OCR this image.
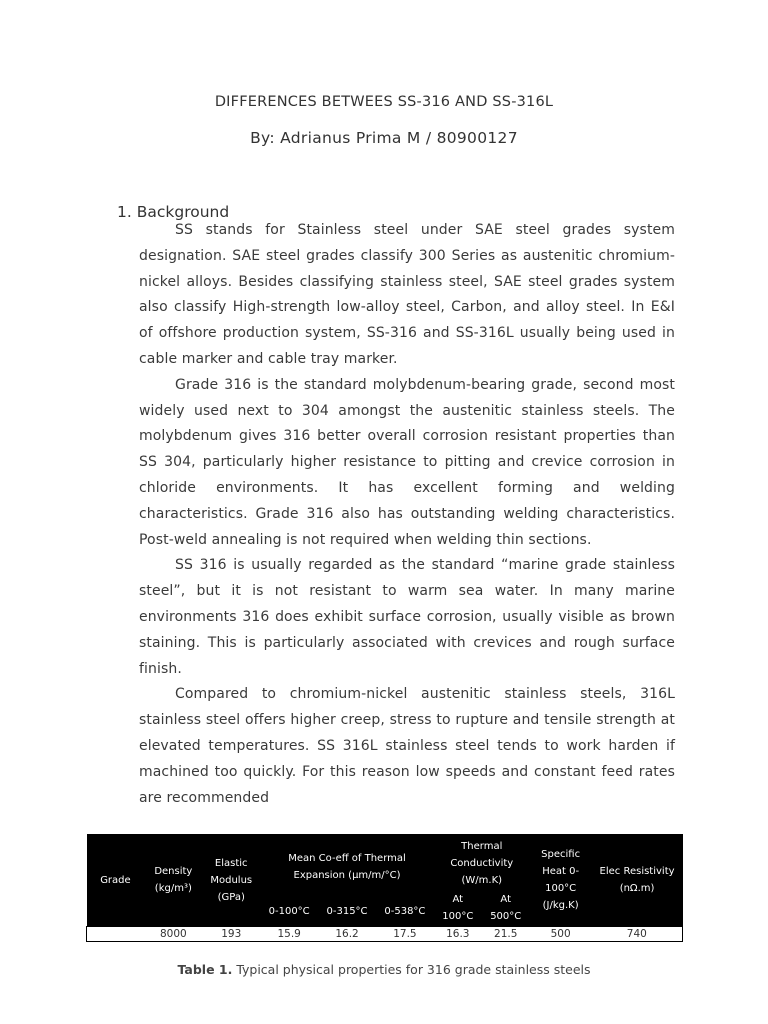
DIFFERENCES BETWEES SS-316 AND SS-316L
By: Adrianus Prima M / 80900127
1. Background

SS stands for Stainless steel under SAE steel grades system designation. SAE steel grades classify 300 Series as austenitic chromium-nickel alloys. Besides classifying stainless steel, SAE steel grades system also classify High-strength low-alloy steel, Carbon, and alloy steel. In E&I of offshore production system, SS-316 and SS-316L usually being used in cable marker and cable tray marker.

Grade 316 is the standard molybdenum-bearing grade, second most widely used next to 304 amongst the austenitic stainless steels. The molybdenum gives 316 better overall corrosion resistant properties than SS 304, particularly higher resistance to pitting and crevice corrosion in chloride environments. It has excellent forming and welding characteristics. Grade 316 also has outstanding welding characteristics. Post-weld annealing is not required when welding thin sections.

SS 316 is usually regarded as the standard “marine grade stainless steel”, but it is not resistant to warm sea water. In many marine environments 316 does exhibit surface corrosion, usually visible as brown staining. This is particularly associated with crevices and rough surface finish.

Compared to chromium-nickel austenitic stainless steels, 316L stainless steel offers higher creep, stress to rupture and tensile strength at elevated temperatures. SS 316L stainless steel tends to work harden if machined too quickly. For this reason low speeds and constant feed rates are recommended

Grade	Density (kg/m³)	Elastic Modulus (GPa)	Mean Co-eff of Thermal Expansion (µm/m/°C)			Thermal Conductivity (W/m.K)		Specific Heat 0-100°C (J/kg.K)	Elec Resistivity (nΩ.m)
			0-100°C	0-315°C	0-538°C	At 100°C	At 500°C		
	8000	193	15.9	16.2	17.5	16.3	21.5	500	740
Table 1. Typical physical properties for 316 grade stainless steels
